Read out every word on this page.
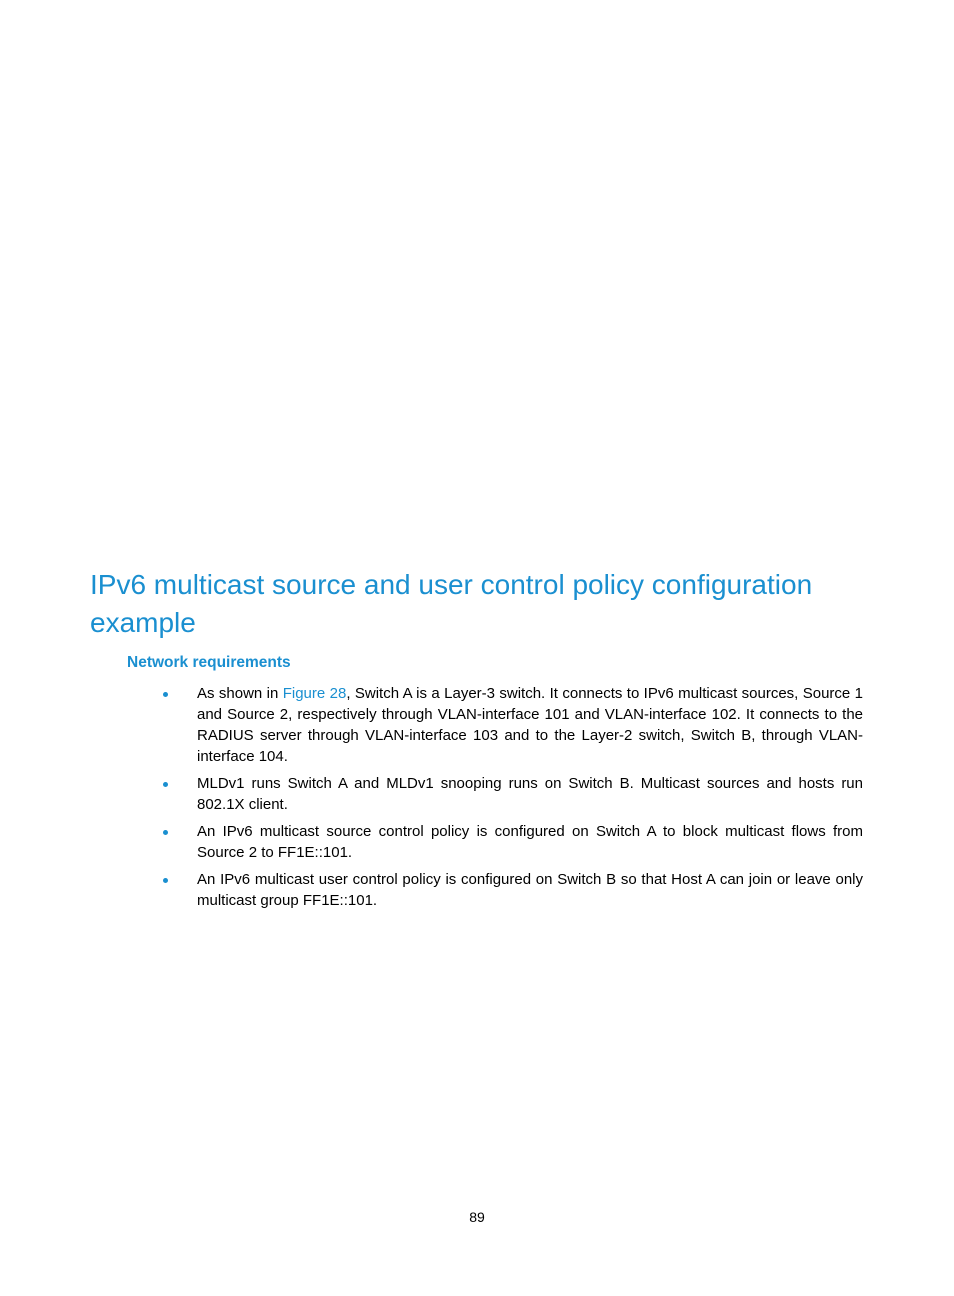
IPv6 multicast source and user control policy configuration example
Network requirements
As shown in Figure 28, Switch A is a Layer-3 switch. It connects to IPv6 multicast sources, Source 1 and Source 2, respectively through VLAN-interface 101 and VLAN-interface 102. It connects to the RADIUS server through VLAN-interface 103 and to the Layer-2 switch, Switch B, through VLAN-interface 104.
MLDv1 runs Switch A and MLDv1 snooping runs on Switch B. Multicast sources and hosts run 802.1X client.
An IPv6 multicast source control policy is configured on Switch A to block multicast flows from Source 2 to FF1E::101.
An IPv6 multicast user control policy is configured on Switch B so that Host A can join or leave only multicast group FF1E::101.
89
